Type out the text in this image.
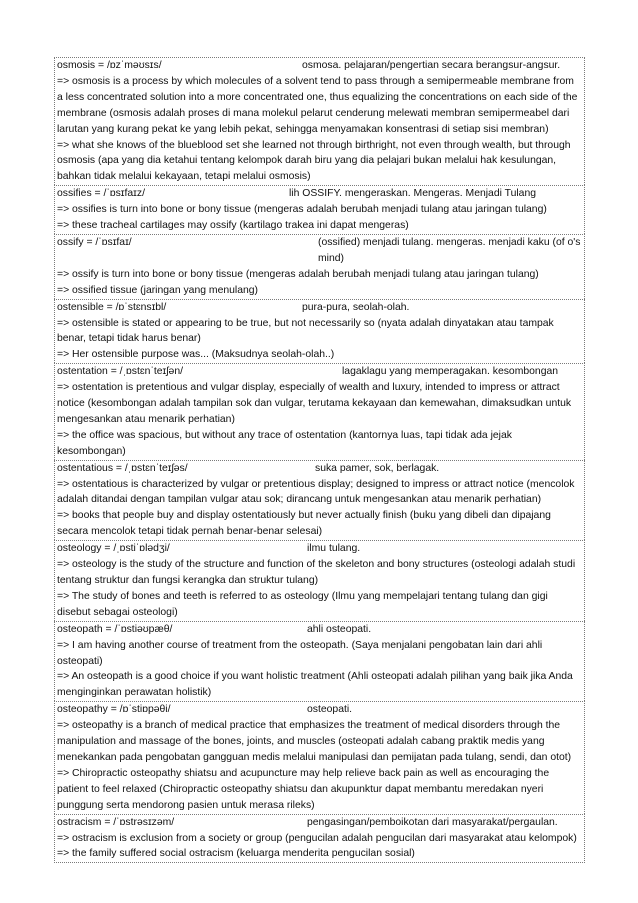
osmosis = /ɒzˈməʊsɪs/	osmosa. pelajaran/pengertian secara berangsur-angsur.
=> osmosis is a process by which molecules of a solvent tend to pass through a semipermeable membrane from a less concentrated solution into a more concentrated one, thus equalizing the concentrations on each side of the membrane (osmosis adalah proses di mana molekul pelarut cenderung melewati membran semipermeabel dari larutan yang kurang pekat ke yang lebih pekat, sehingga menyamakan konsentrasi di setiap sisi membran)
=> what she knows of the blueblood set she learned not through birthright, not even through wealth, but through osmosis (apa yang dia ketahui tentang kelompok darah biru yang dia pelajari bukan melalui hak kesulungan, bahkan tidak melalui kekayaan, tetapi melalui osmosis)
ossifies = /ˈɒsɪfaɪz/	lih OSSIFY. mengeraskan. Mengeras. Menjadi Tulang
=> ossifies is turn into bone or bony tissue (mengeras adalah berubah menjadi tulang atau jaringan tulang)
=> these tracheal cartilages may ossify (kartilago trakea ini dapat mengeras)
ossify = /ˈɒsɪfaɪ/	(ossified) menjadi tulang. mengeras. menjadi kaku (of o's mind)
=> ossify is turn into bone or bony tissue (mengeras adalah berubah menjadi tulang atau jaringan tulang)
=> ossified tissue (jaringan yang menulang)
ostensible = /ɒˈstɛnsɪbl/	pura-pura, seolah-olah.
=> ostensible is stated or appearing to be true, but not necessarily so (nyata adalah dinyatakan atau tampak benar, tetapi tidak harus benar)
=> Her ostensible purpose was... (Maksudnya seolah-olah..)
ostentation = /ˌɒstɛnˈteɪʃən/	lagaklagu yang memperagakan. kesombongan
=> ostentation is pretentious and vulgar display, especially of wealth and luxury, intended to impress or attract notice (kesombongan adalah tampilan sok dan vulgar, terutama kekayaan dan kemewahan, dimaksudkan untuk mengesankan atau menarik perhatian)
=> the office was spacious, but without any trace of ostentation (kantornya luas, tapi tidak ada jejak kesombongan)
ostentatious = /ˌɒstɛnˈteɪʃəs/	suka pamer, sok, berlagak.
=> ostentatious is characterized by vulgar or pretentious display; designed to impress or attract notice (mencolok adalah ditandai dengan tampilan vulgar atau sok; dirancang untuk mengesankan atau menarik perhatian)
=> books that people buy and display ostentatiously but never actually finish (buku yang dibeli dan dipajang secara mencolok tetapi tidak pernah benar-benar selesai)
osteology = /ˌɒstiˈɒlədʒi/	ilmu tulang.
=> osteology is the study of the structure and function of the skeleton and bony structures (osteologi adalah studi tentang struktur dan fungsi kerangka dan struktur tulang)
=> The study of bones and teeth is referred to as osteology (Ilmu yang mempelajari tentang tulang dan gigi disebut sebagai osteologi)
osteopath = /ˈɒstiəʊpæθ/	ahli osteopati.
=> I am having another course of treatment from the osteopath. (Saya menjalani pengobatan lain dari ahli osteopati)
=> An osteopath is a good choice if you want holistic treatment (Ahli osteopati adalah pilihan yang baik jika Anda menginginkan perawatan holistik)
osteopathy = /ɒˈstiɒpəθi/	osteopati.
=> osteopathy is a branch of medical practice that emphasizes the treatment of medical disorders through the manipulation and massage of the bones, joints, and muscles (osteopati adalah cabang praktik medis yang menekankan pada pengobatan gangguan medis melalui manipulasi dan pemijatan pada tulang, sendi, dan otot)
=> Chiropractic osteopathy shiatsu and acupuncture may help relieve back pain as well as encouraging the patient to feel relaxed (Chiropractic osteopathy shiatsu dan akupunktur dapat membantu meredakan nyeri punggung serta mendorong pasien untuk merasa rileks)
ostracism = /ˈɒstrəsɪzəm/	pengasingan/pemboikotan dari masyarakat/pergaulan.
=> ostracism is exclusion from a society or group (pengucilan adalah pengucilan dari masyarakat atau kelompok)
=> the family suffered social ostracism (keluarga menderita pengucilan sosial)
